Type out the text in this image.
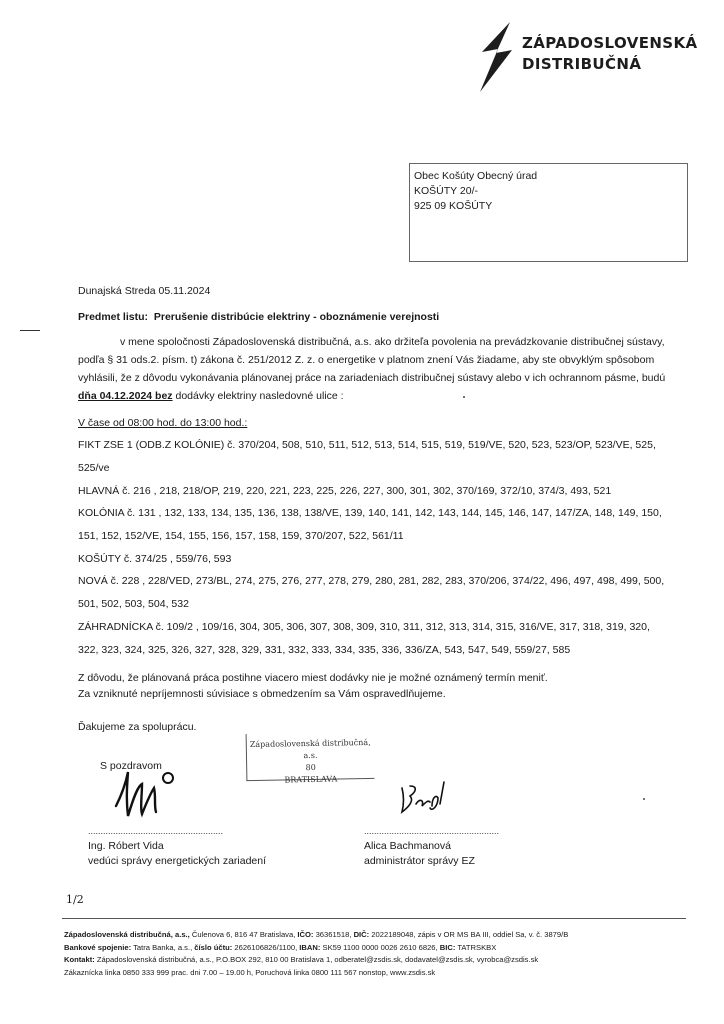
ZÁPADOSLOVENSKÁ
DISTRIBUČNÁ
Obec Košúty Obecný úrad
KOŠÚTY 20/-
925 09 KOŠÚTY
Dunajská Streda 05.11.2024
Predmet listu: Prerušenie distribúcie elektriny - oboznámenie verejnosti
v mene spoločnosti Západoslovenská distribučná, a.s. ako držiteľa povolenia na prevádzkovanie distribučnej sústavy,
podľa § 31 ods.2. písm. t) zákona č. 251/2012 Z. z. o energetike v platnom znení Vás žiadame, aby ste obvyklým spôsobom
vyhlásili, že z dôvodu vykonávania plánovanej práce na zariadeniach distribučnej sústavy alebo v ich ochrannom pásme, budú
dňa 04.12.2024 bez dodávky elektriny nasledovné ulice :
V čase od 08:00 hod. do 13:00 hod.:
FIKT ZSE 1 (ODB.Z KOLÓNIE) č. 370/204, 508, 510, 511, 512, 513, 514, 515, 519, 519/VE, 520, 523, 523/OP, 523/VE, 525,
525/ve
HLAVNÁ č. 216 , 218, 218/OP, 219, 220, 221, 223, 225, 226, 227, 300, 301, 302, 370/169, 372/10, 374/3, 493, 521
KOLÓNIA č. 131 , 132, 133, 134, 135, 136, 138, 138/VE, 139, 140, 141, 142, 143, 144, 145, 146, 147, 147/ZA, 148, 149, 150,
151, 152, 152/VE, 154, 155, 156, 157, 158, 159, 370/207, 522, 561/11
KOŠÚTY č. 374/25 , 559/76, 593
NOVÁ č. 228 , 228/VED, 273/BL, 274, 275, 276, 277, 278, 279, 280, 281, 282, 283, 370/206, 374/22, 496, 497, 498, 499, 500,
501, 502, 503, 504, 532
ZÁHRADNÍCKA č. 109/2 , 109/16, 304, 305, 306, 307, 308, 309, 310, 311, 312, 313, 314, 315, 316/VE, 317, 318, 319, 320,
322, 323, 324, 325, 326, 327, 328, 329, 331, 332, 333, 334, 335, 336, 336/ZA, 543, 547, 549, 559/27, 585
Z dôvodu, že plánovaná práca postihne viacero miest dodávky nie je možné oznámený termín meniť.
Za vzniknuté nepríjemnosti súvisiace s obmedzením sa Vám ospravedlňujeme.
Ďakujeme za spoluprácu.
S pozdravom
Západoslovenská distribučná, a.s.
80
BRATISLAVA
......................................................	......................................................
Ing. Róbert Vida
vedúci správy energetických zariadení
Alica Bachmanová
administrátor správy EZ
1/2
Západoslovenská distribučná, a.s., Čulenova 6, 816 47 Bratislava, IČO: 36361518, DIČ: 2022189048, zápis v OR MS BA III, oddiel Sa, v. č. 3879/B
Bankové spojenie: Tatra Banka, a.s., číslo účtu: 2626106826/1100, IBAN: SK59 1100 0000 0026 2610 6826, BIC: TATRSKBX
Kontakt: Západoslovenská distribučná, a.s., P.O.BOX 292, 810 00 Bratislava 1, odberatel@zsdis.sk, dodavatel@zsdis.sk, vyrobca@zsdis.sk
Zákaznícka linka 0850 333 999 prac. dni 7.00 – 19.00 h, Poruchová linka 0800 111 567 nonstop, www.zsdis.sk
